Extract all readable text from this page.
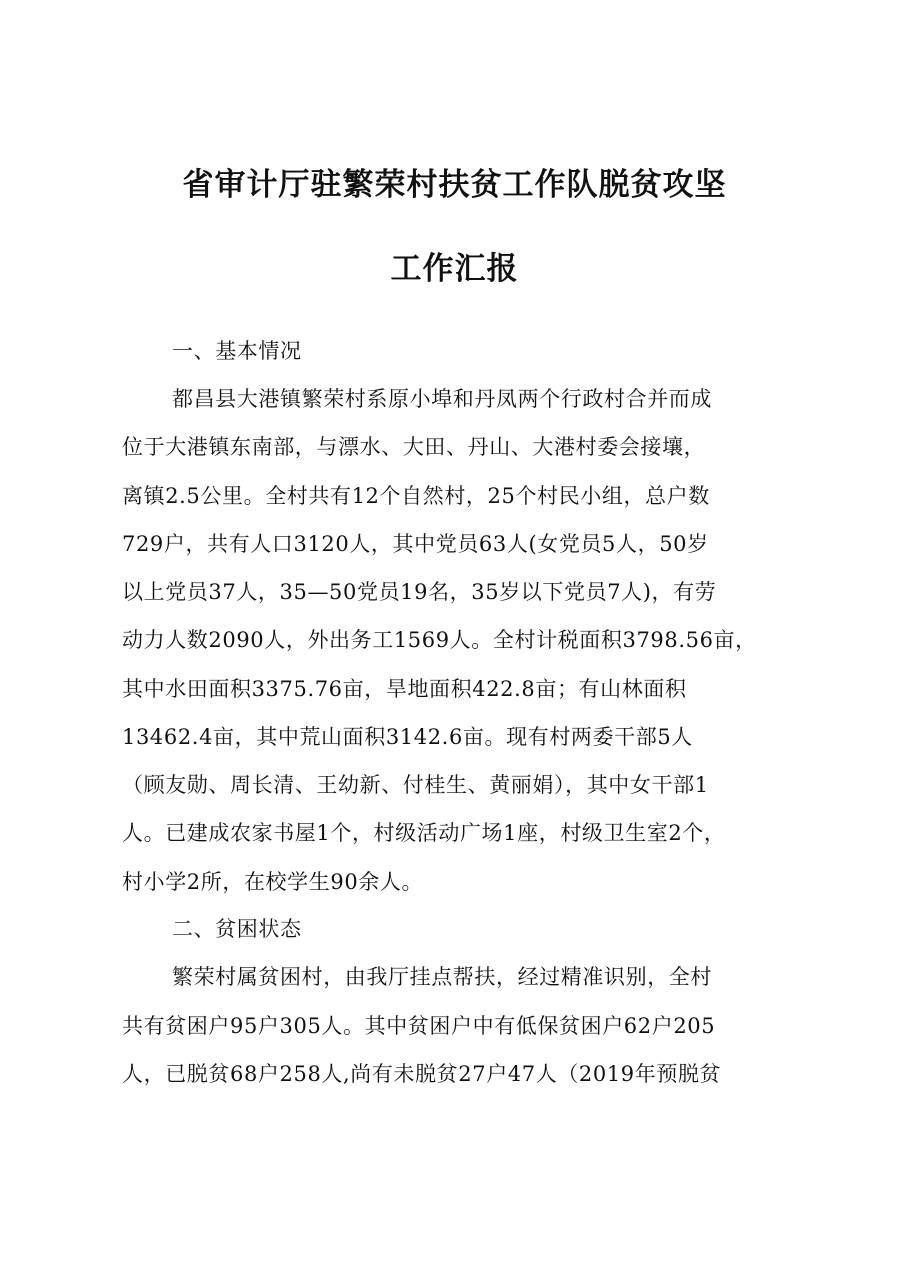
省审计厅驻繁荣村扶贫工作队脱贫攻坚
工作汇报

一、基本情况

都昌县大港镇繁荣村系原小埠和丹凤两个行政村合并而成

位于大港镇东南部，与漂水、大田、丹山、大港村委会接壤，

离镇2.5公里。全村共有12个自然村，25个村民小组，总户数

729户，共有人口3120人，其中党员63人(女党员5人，50岁

以上党员37人，35—50党员19名，35岁以下党员7人)，有劳

动力人数2090人，外出务工1569人。全村计税面积3798.56亩，

其中水田面积3375.76亩，旱地面积422.8亩；有山林面积

13462.4亩，其中荒山面积3142.6亩。现有村两委干部5人

（顾友勋、周长清、王幼新、付桂生、黄丽娟），其中女干部1

人。已建成农家书屋1个，村级活动广场1座，村级卫生室2个，

村小学2所，在校学生90余人。

二、贫困状态

繁荣村属贫困村，由我厅挂点帮扶，经过精准识别，全村

共有贫困户95户305人。其中贫困户中有低保贫困户62户205

人，已脱贫68户258人,尚有未脱贫27户47人（2019年预脱贫
